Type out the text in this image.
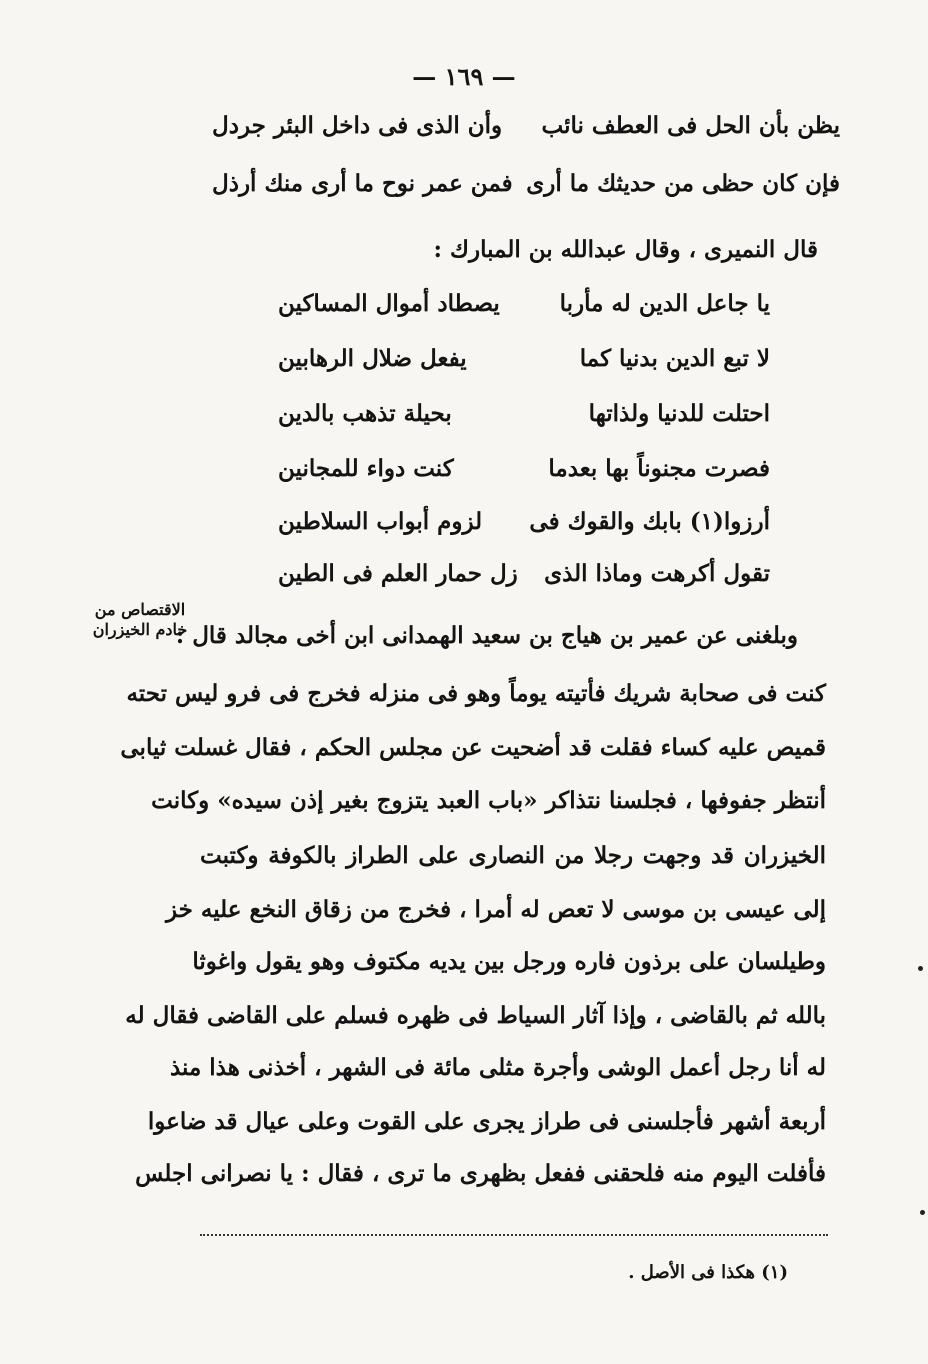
— ١٦٩ —
يظن بأن الحل فى العطف نائب
وأن الذى فى داخل البئر جردل
فإن كان حظى من حديثك ما أرى
فمن عمر نوح ما أرى منك أرذل
قال النميرى ، وقال عبدالله بن المبارك :
يا جاعل الدين له مأربا
يصطاد أموال المساكين
لا تبع الدين بدنيا كما
يفعل ضلال الرهابين
احتلت للدنيا ولذاتها
بحيلة تذهب بالدين
فصرت مجنوناً بها بعدما
كنت دواء للمجانين
أرزوا(١) بابك والقوك فى
لزوم أبواب السلاطين
تقول أكرهت وماذا الذى
زل حمار العلم فى الطين
الاقتصاص من
خادم الخيزران
وبلغنى عن عمير بن هياج بن سعيد الهمدانى ابن أخى مجالد قال :
كنت فى صحابة شريك فأتيته يوماً وهو فى منزله فخرج فى فرو ليس تحته
قميص عليه كساء فقلت قد أضحيت عن مجلس الحكم ، فقال غسلت ثيابى
أنتظر جفوفها ، فجلسنا نتذاكر «باب العبد يتزوج بغير إذن سيده» وكانت
الخيزران قد وجهت رجلا من النصارى على الطراز بالكوفة وكتبت
إلى عيسى بن موسى لا تعص له أمرا ، فخرج من زقاق النخع عليه خز
وطيلسان على برذون فاره ورجل بين يديه مكتوف وهو يقول واغوثا
بالله ثم بالقاضى ، وإذا آثار السياط فى ظهره فسلم على القاضى فقال له
له أنا رجل أعمل الوشى وأجرة مثلى مائة فى الشهر ، أخذنى هذا منذ
أربعة أشهر فأجلسنى فى طراز يجرى على القوت وعلى عيال قد ضاعوا
فأفلت اليوم منه فلحقنى ففعل بظهرى ما ترى ، فقال : يا نصرانى اجلس
(١) هكذا فى الأصل .
